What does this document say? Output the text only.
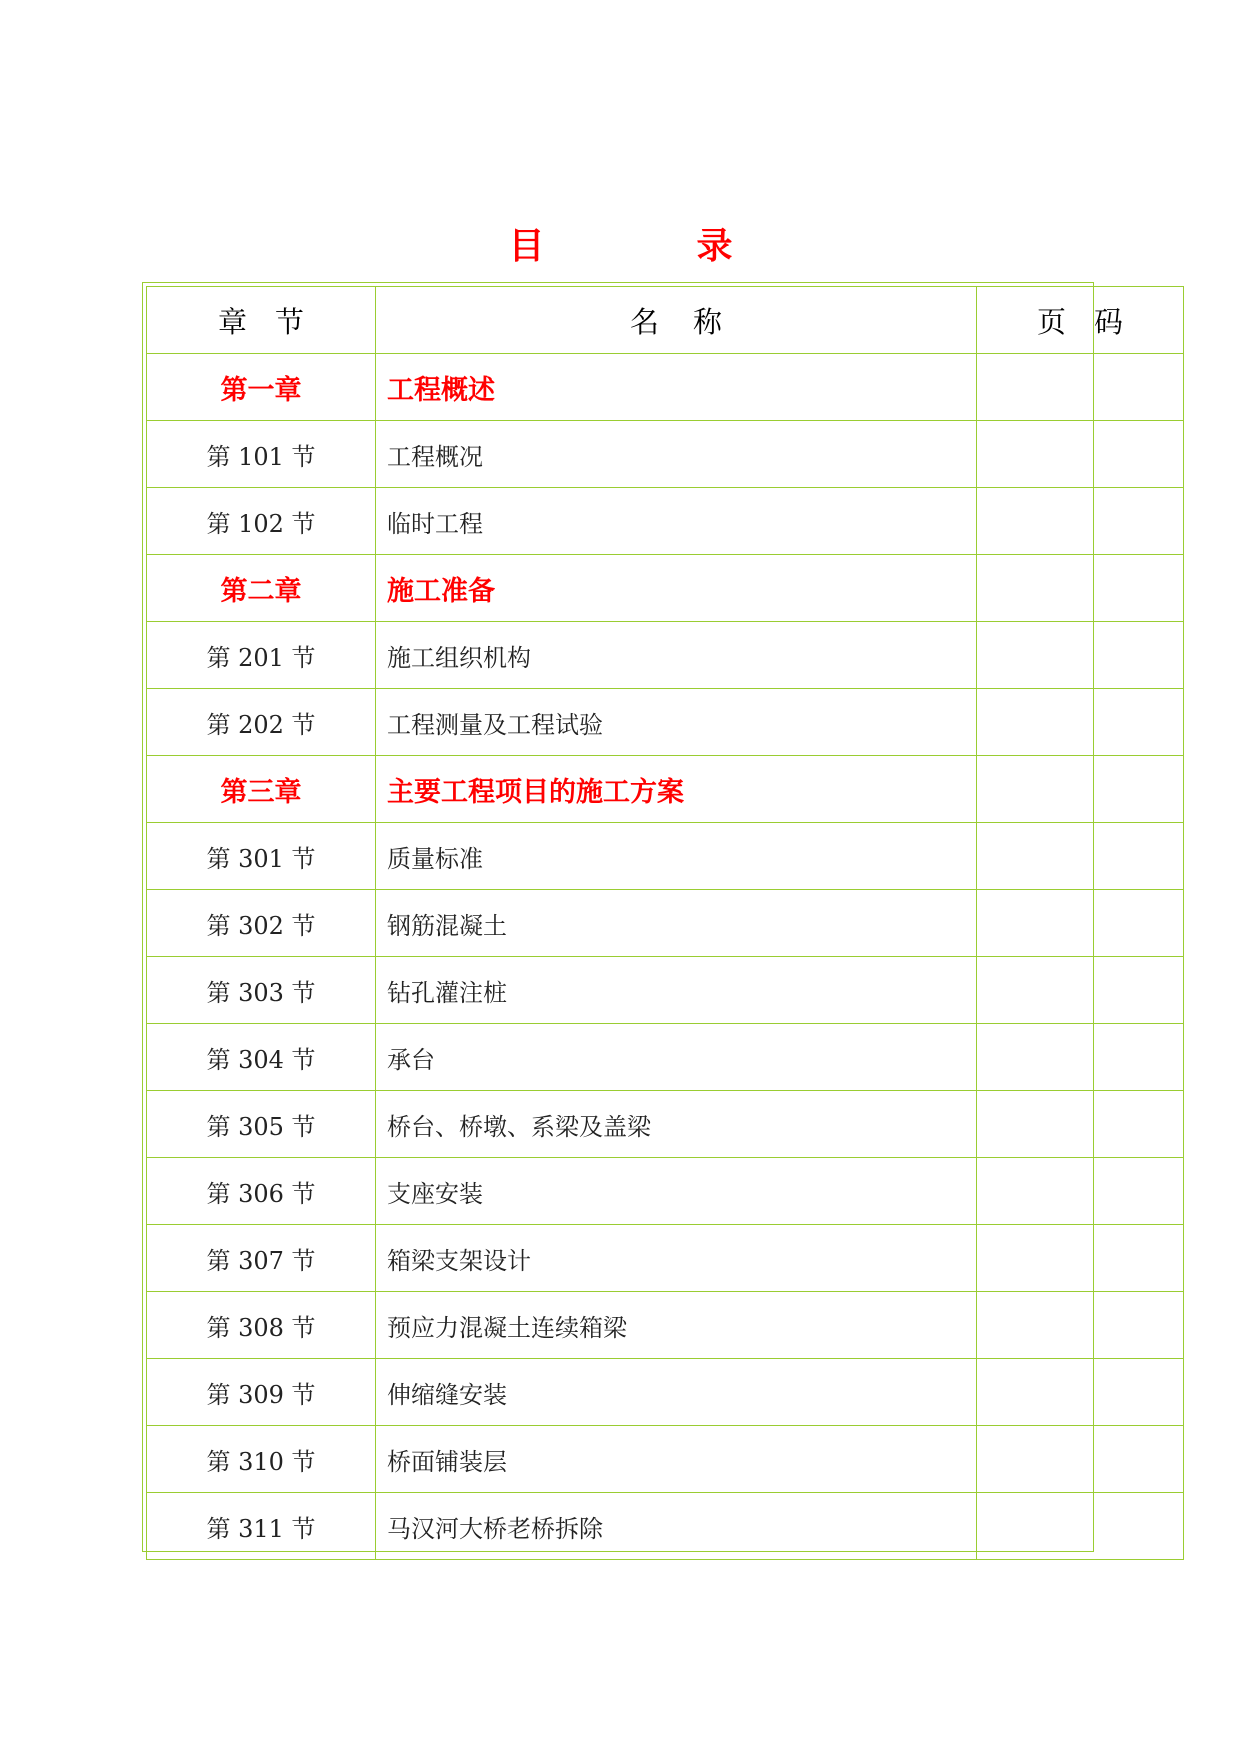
目　录
章节	名称	页码
第一章	工程概述	
第 101 节	工程概况	
第 102 节	临时工程	
第二章	施工准备	
第 201 节	施工组织机构	
第 202 节	工程测量及工程试验	
第三章	主要工程项目的施工方案	
第 301 节	质量标准	
第 302 节	钢筋混凝土	
第 303 节	钻孔灌注桩	
第 304 节	承台	
第 305 节	桥台、桥墩、系梁及盖梁	
第 306 节	支座安装	
第 307 节	箱梁支架设计	
第 308 节	预应力混凝土连续箱梁	
第 309 节	伸缩缝安装	
第 310 节	桥面铺装层	
第 311 节	马汉河大桥老桥拆除	
